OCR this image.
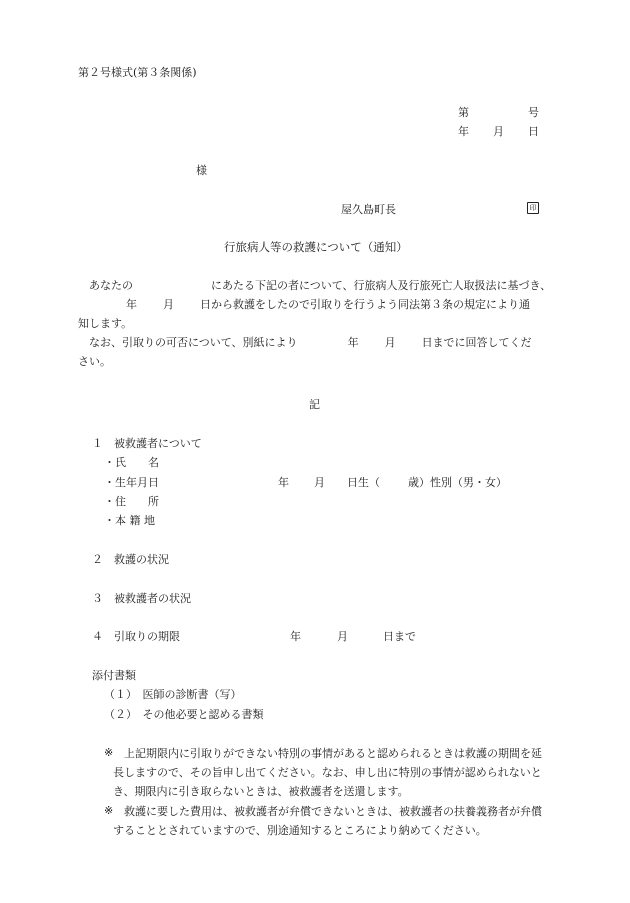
第２号様式(第３条関係)
第	号
年 月 日
様
屋久島町長	印
行旅病人等の救護について（通知）
あなたの	にあたる下記の者について、行旅病人及行旅死亡人取扱法に基づき、
年 月 日から救護をしたので引取りを行うよう同法第３条の規定により通
知します。
なお、引取りの可否について、別紙により	年 月 日までに回答してくだ
さい。
記
１　被救護者について
・氏　　名
・生年月日	年 月 日生（	歳）性別（男・女）
・住　　所
・本 籍 地
２　救護の状況
３　被救護者の状況
４　引取りの期限	年	月	日まで
添付書類
（１）　医師の診断書（写）
（２）　その他必要と認める書類
※ 上記期限内に引取りができない特別の事情があると認められるときは救護の期間を延
長しますので、その旨申し出てください。なお、申し出に特別の事情が認められないと
き、期限内に引き取らないときは、被救護者を送還します。
※ 救護に要した費用は、被救護者が弁償できないときは、被救護者の扶養義務者が弁償
することとされていますので、別途通知するところにより納めてください。
